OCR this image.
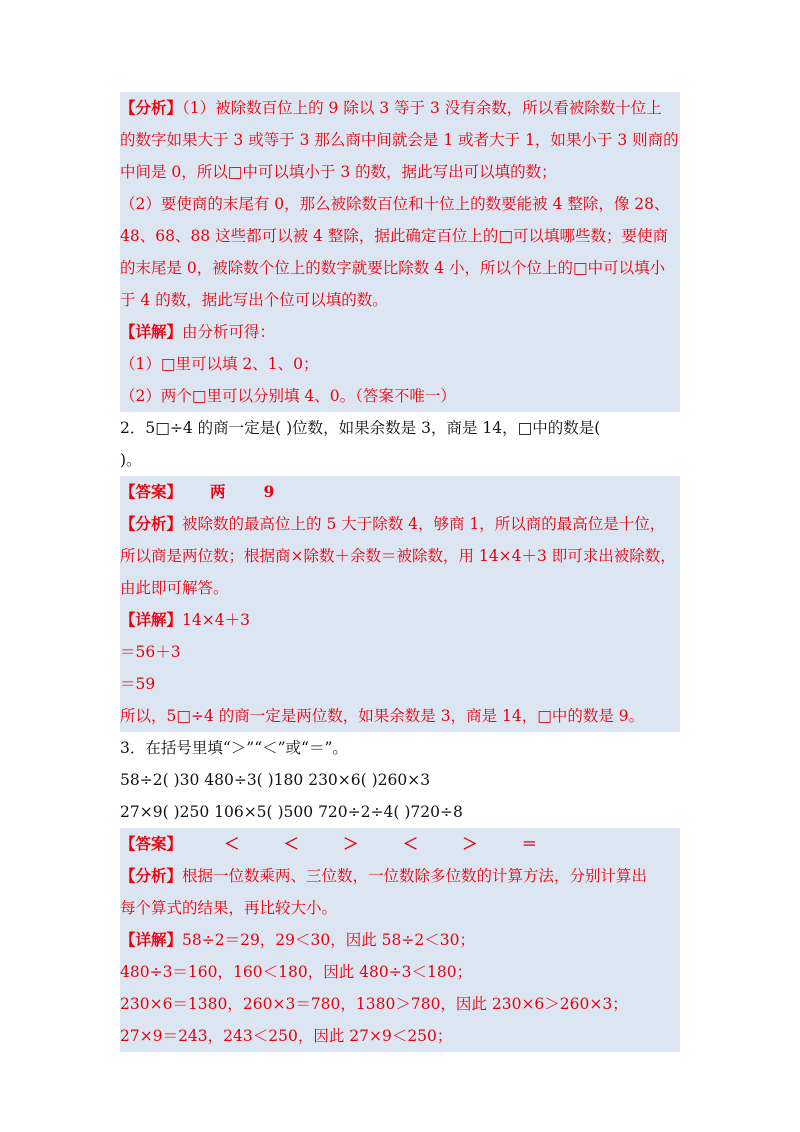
【分析】（1）被除数百位上的 9 除以 3 等于 3 没有余数，所以看被除数十位上
的数字如果大于 3 或等于 3 那么商中间就会是 1 或者大于 1，如果小于 3 则商的
中间是 0，所以□中可以填小于 3 的数，据此写出可以填的数；
（2）要使商的末尾有 0，那么被除数百位和十位上的数要能被 4 整除，像 28、
48、68、88 这些都可以被 4 整除，据此确定百位上的□可以填哪些数；要使商
的末尾是 0，被除数个位上的数字就要比除数 4 小，所以个位上的□中可以填小
于 4 的数，据此写出个位可以填的数。
【详解】由分析可得：
（1）□里可以填 2、1、0；
（2）两个□里可以分别填 4、0。（答案不唯一）
2．5□÷4 的商一定是( )位数，如果余数是 3，商是 14，□中的数是(
)。
【答案】 两 9
【分析】被除数的最高位上的 5 大于除数 4，够商 1，所以商的最高位是十位，
所以商是两位数；根据商×除数＋余数＝被除数，用 14×4＋3 即可求出被除数，
由此即可解答。
【详解】14×4＋3
＝56＋3
＝59
所以，5□÷4 的商一定是两位数，如果余数是 3，商是 14，□中的数是 9。
3．在括号里填“＞”“＜”或“＝”。
58÷2( )30 480÷3( )180 230×6( )260×3
27×9( )250 106×5( )500 720÷2÷4( )720÷8
【答案】	＜	＜	＞	＜	＞	＝
【分析】根据一位数乘两、三位数，一位数除多位数的计算方法，分别计算出
每个算式的结果，再比较大小。
【详解】58÷2＝29，29＜30，因此 58÷2＜30；
480÷3＝160，160＜180，因此 480÷3＜180；
230×6＝1380，260×3＝780，1380＞780，因此 230×6＞260×3；
27×9＝243，243＜250，因此 27×9＜250；
